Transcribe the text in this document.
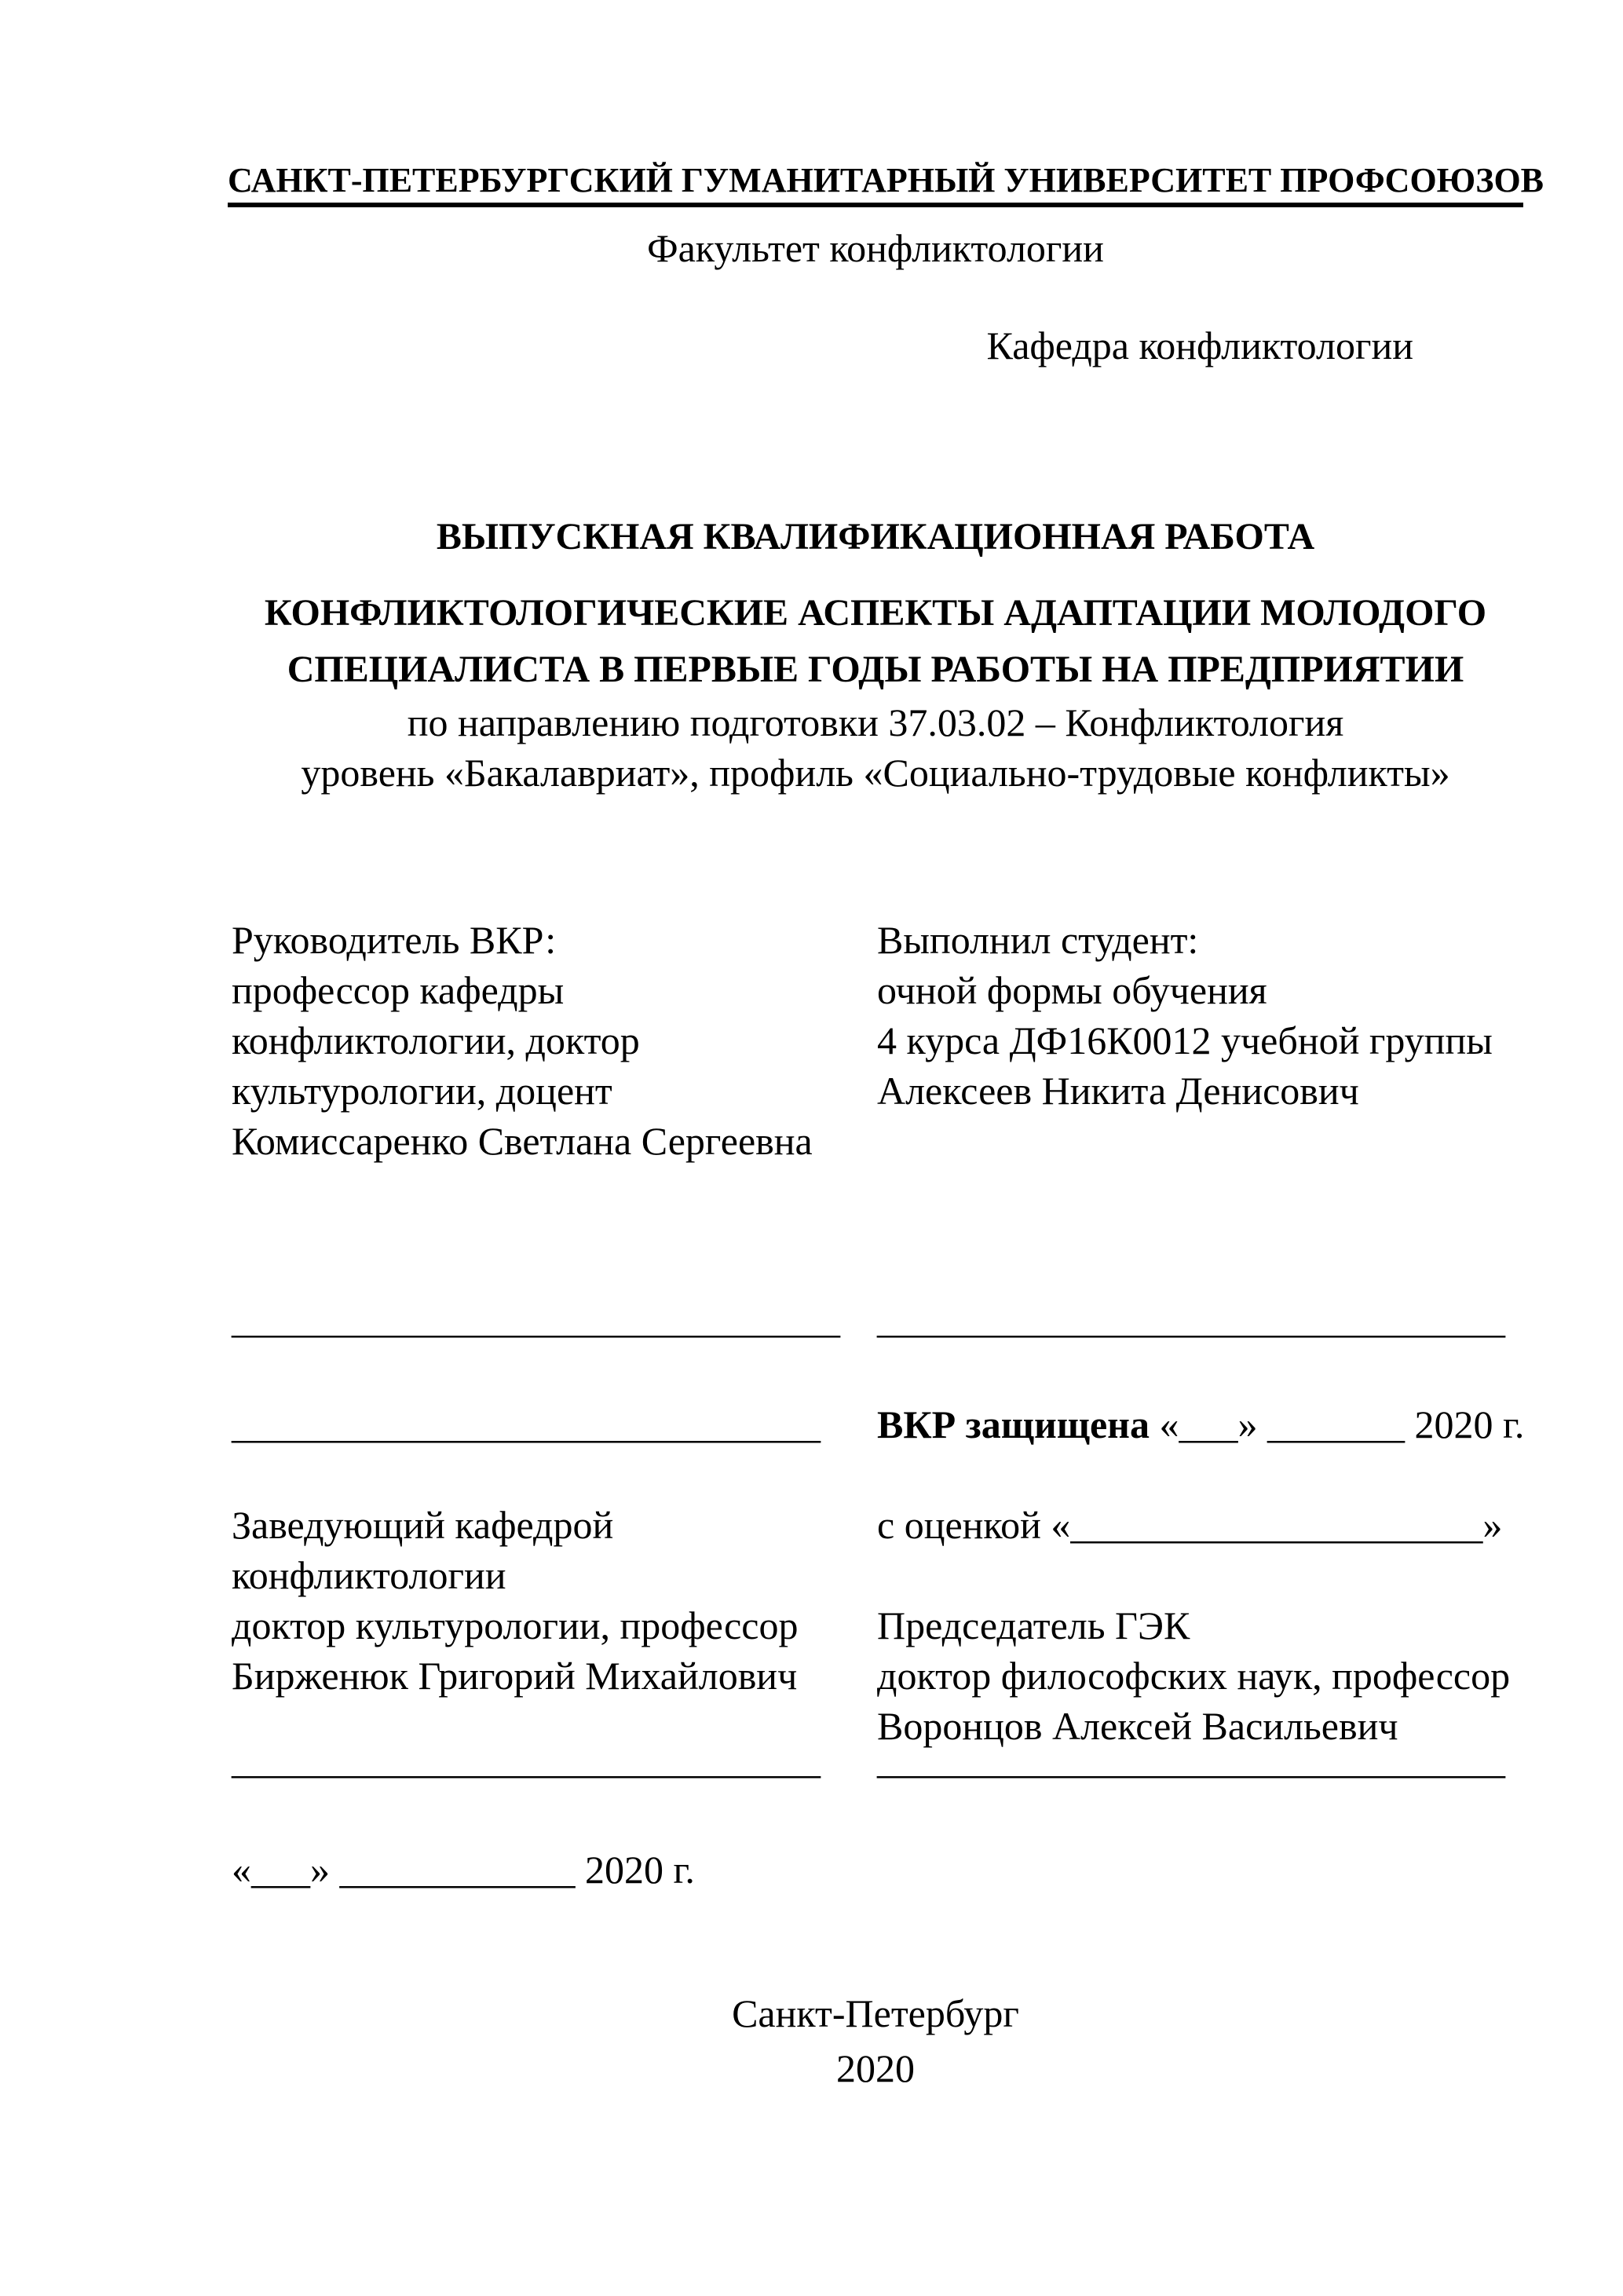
САНКТ-ПЕТЕРБУРГСКИЙ ГУМАНИТАРНЫЙ УНИВЕРСИТЕТ ПРОФСОЮЗОВ
Факультет конфликтологии
Кафедра конфликтологии
ВЫПУСКНАЯ КВАЛИФИКАЦИОННАЯ РАБОТА
КОНФЛИКТОЛОГИЧЕСКИЕ АСПЕКТЫ АДАПТАЦИИ МОЛОДОГО
СПЕЦИАЛИСТА В ПЕРВЫЕ ГОДЫ РАБОТЫ НА ПРЕДПРИЯТИИ
по направлению подготовки 37.03.02 – Конфликтология
уровень «Бакалавриат», профиль «Социально-трудовые конфликты»
Руководитель ВКР:
профессор кафедры
конфликтологии, доктор
культурологии, доцент
Комиссаренко Светлана Сергеевна
Выполнил студент:
очной формы обучения
4 курса ДФ16К0012 учебной группы
Алексеев Никита Денисович
_______________________________ ________________________________
______________________________ ВКР защищена «___» _______ 2020 г.
Заведующий кафедрой	с оценкой «_____________________»
конфликтологии
доктор культурологии, профессор Председатель ГЭК
Бирженюк Григорий Михайлович доктор философских наук, профессор
Воронцов Алексей Васильевич
______________________________ ________________________________
«___» ____________ 2020 г.
Санкт-Петербург
2020
